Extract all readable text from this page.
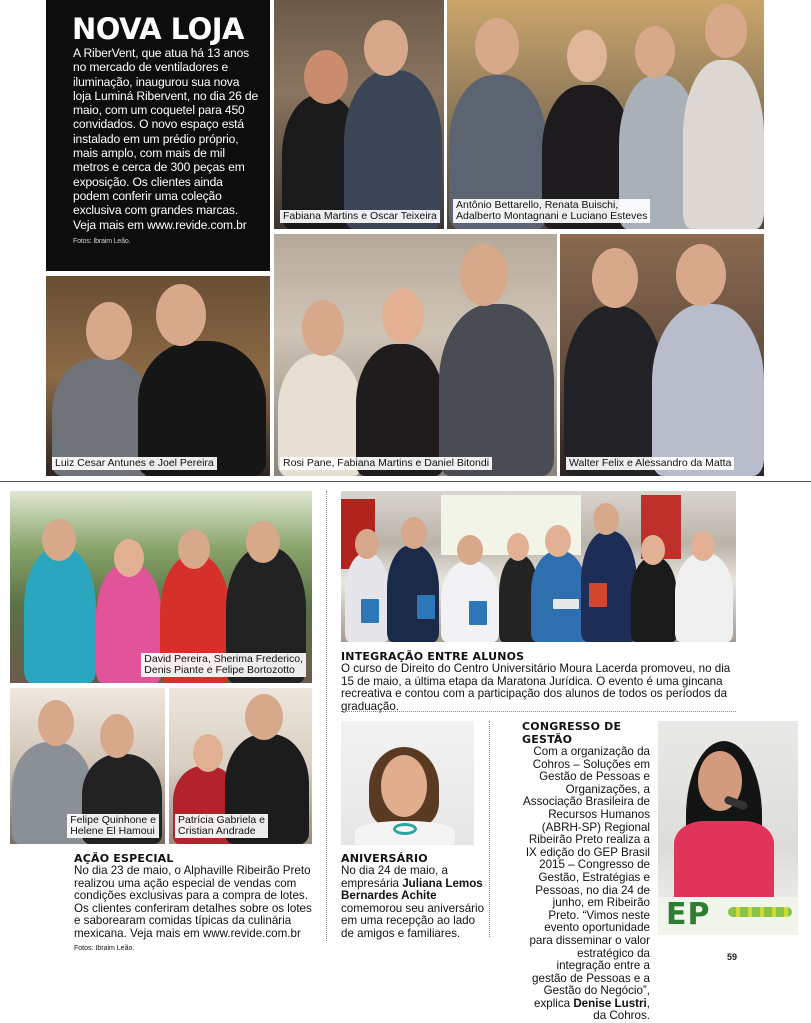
NOVA LOJA

A RiberVent, que atua há 13 anos no mercado de ventiladores e iluminação, inaugurou sua nova loja Luminá Ribervent, no dia 26 de maio, com um coquetel para 450 convidados. O novo espaço está instalado em um prédio próprio, mais amplo, com mais de mil metros e cerca de 300 peças em exposição. Os clientes ainda podem conferir uma coleção exclusiva com grandes marcas. Veja mais em www.revide.com.br

Fotos: Ibraim Leão.

Fabiana Martins e Oscar Teixeira
Antônio Bettarello, Renata Buischi,
Adalberto Montagnani e Luciano Esteves
Luiz Cesar Antunes e Joel Pereira	Rosi Pane, Fabiana Martins e Daniel Bitondi	Walter Felix e Alessandro da Matta
David Pereira, Sherima Frederico,
Denis Piante e Felipe Bortozotto
Felipe Quinhone e
Helene El Hamoui
Patrícia Gabriela e
Cristian Andrade
AÇÃO ESPECIAL
No dia 23 de maio, o Alphaville Ribeirão Preto realizou uma ação especial de vendas com condições exclusivas para a compra de lotes. Os clientes conferiram detalhes sobre os lotes e saborearam comidas típicas da culinária mexicana. Veja mais em www.revide.com.br Fotos: Ibraim Leão.
INTEGRAÇÃO ENTRE ALUNOS
O curso de Direito do Centro Universitário Moura Lacerda promoveu, no dia 15 de maio, a última etapa da Maratona Jurídica. O evento é uma gincana recreativa e contou com a participação dos alunos de todos os períodos da graduação.
ANIVERSÁRIO
No dia 24 de maio, a empresária Juliana Lemos Bernardes Achite comemorou seu aniversário em uma recepção ao lado de amigos e familiares.
CONGRESSO DE GESTÃO
Com a organização da Cohros – Soluções em Gestão de Pessoas e Organizações, a Associação Brasileira de Recursos Humanos (ABRH-SP) Regional Ribeirão Preto realiza a IX edição do GEP Brasil 2015 – Congresso de Gestão, Estratégias e Pessoas, no dia 24 de junho, em Ribeirão Preto. “Vimos neste evento oportunidade para disseminar o valor estratégico da integração entre a gestão de Pessoas e a Gestão do Negócio”, explica Denise Lustri, da Cohros.
EP
59
